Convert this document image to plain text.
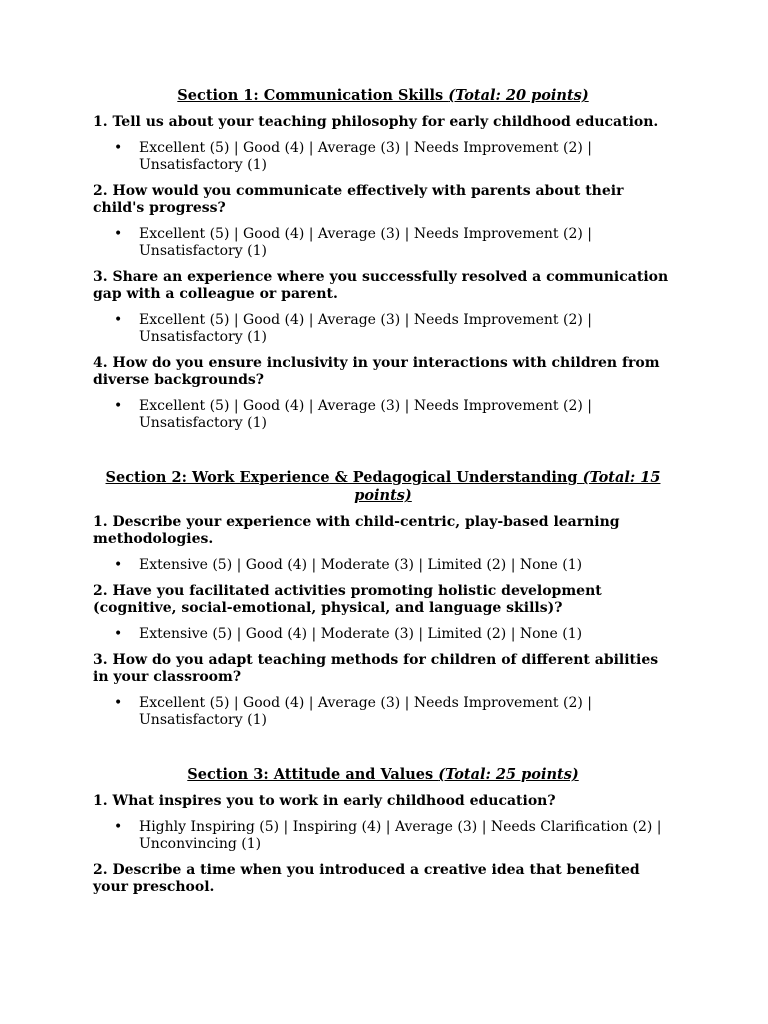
Section 1: Communication Skills (Total: 20 points)
1. Tell us about your teaching philosophy for early childhood education.
• Excellent (5) | Good (4) | Average (3) | Needs Improvement (2) | Unsatisfactory (1)
2. How would you communicate effectively with parents about their child's progress?
• Excellent (5) | Good (4) | Average (3) | Needs Improvement (2) | Unsatisfactory (1)
3. Share an experience where you successfully resolved a communication gap with a colleague or parent.
• Excellent (5) | Good (4) | Average (3) | Needs Improvement (2) | Unsatisfactory (1)
4. How do you ensure inclusivity in your interactions with children from diverse backgrounds?
• Excellent (5) | Good (4) | Average (3) | Needs Improvement (2) | Unsatisfactory (1)
Section 2: Work Experience & Pedagogical Understanding (Total: 15 points)
1. Describe your experience with child-centric, play-based learning methodologies.
• Extensive (5) | Good (4) | Moderate (3) | Limited (2) | None (1)
2. Have you facilitated activities promoting holistic development (cognitive, social-emotional, physical, and language skills)?
• Extensive (5) | Good (4) | Moderate (3) | Limited (2) | None (1)
3. How do you adapt teaching methods for children of different abilities in your classroom?
• Excellent (5) | Good (4) | Average (3) | Needs Improvement (2) | Unsatisfactory (1)
Section 3: Attitude and Values (Total: 25 points)
1. What inspires you to work in early childhood education?
• Highly Inspiring (5) | Inspiring (4) | Average (3) | Needs Clarification (2) | Unconvincing (1)
2. Describe a time when you introduced a creative idea that benefited your preschool.
